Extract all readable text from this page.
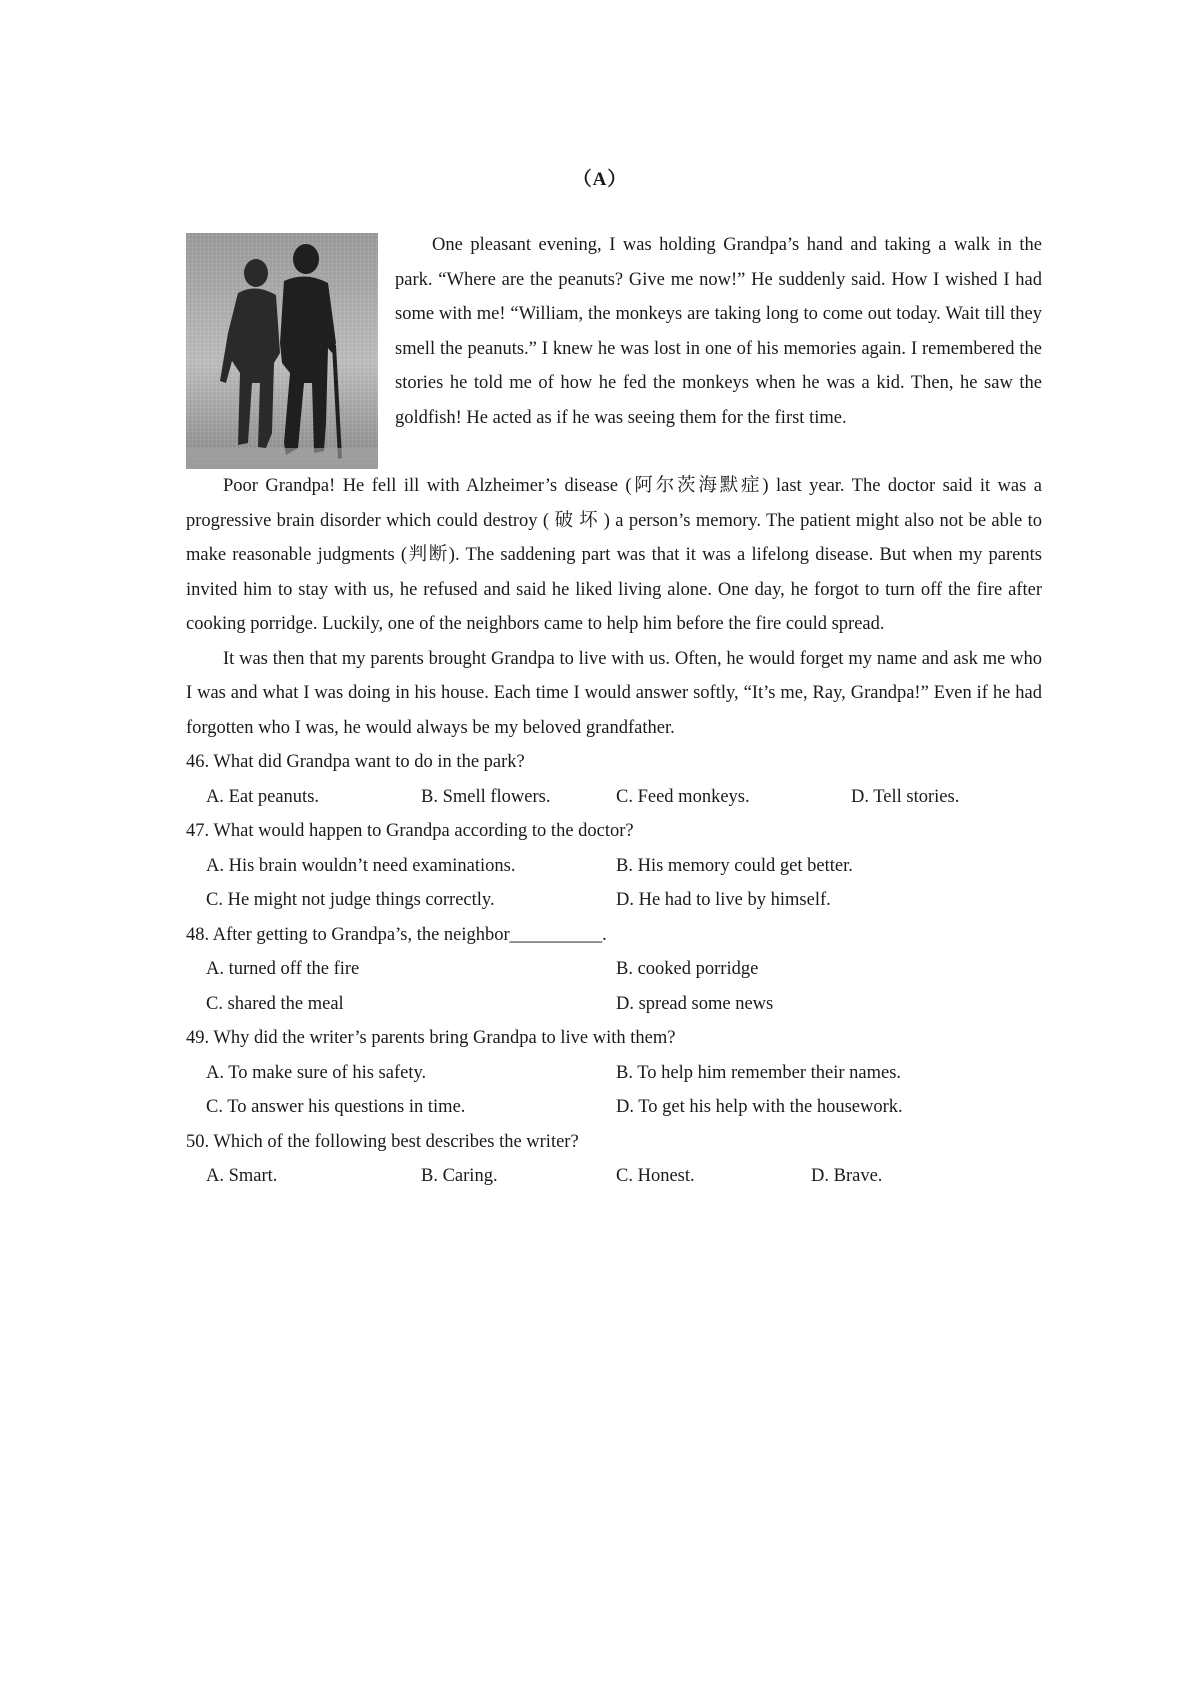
（A）

One pleasant evening, I was holding Grandpa’s hand and taking a walk in the park. “Where are the peanuts? Give me now!” He suddenly said. How I wished I had some with me! “William, the monkeys are taking long to come out today. Wait till they smell the peanuts.” I knew he was lost in one of his memories again. I remembered the stories he told me of how he fed the monkeys when he was a kid. Then, he saw the goldfish! He acted as if he was seeing them for the first time.

Poor Grandpa! He fell ill with Alzheimer’s disease (阿尔茨海默症) last year. The doctor said it was a progressive brain disorder which could destroy ( 破 坏 ) a person’s memory. The patient might also not be able to make reasonable judgments (判断). The saddening part was that it was a lifelong disease. But when my parents invited him to stay with us, he refused and said he liked living alone. One day, he forgot to turn off the fire after cooking porridge. Luckily, one of the neighbors came to help him before the fire could spread.

It was then that my parents brought Grandpa to live with us. Often, he would forget my name and ask me who I was and what I was doing in his house. Each time I would answer softly, “It’s me, Ray, Grandpa!” Even if he had forgotten who I was, he would always be my beloved grandfather.

46. What did Grandpa want to do in the park?

A. Eat peanuts.	B. Smell flowers.	C. Feed monkeys.	D. Tell stories.

47. What would happen to Grandpa according to the doctor?

A. His brain wouldn’t need examinations.	B. His memory could get better.
C. He might not judge things correctly.	D. He had to live by himself.

48. After getting to Grandpa’s, the neighbor__________.

A. turned off the fire	B. cooked porridge
C. shared the meal	D. spread some news

49. Why did the writer’s parents bring Grandpa to live with them?

A. To make sure of his safety.	B. To help him remember their names.
C. To answer his questions in time.	D. To get his help with the housework.

50. Which of the following best describes the writer?

A. Smart.	B. Caring.	C. Honest.	D. Brave.
